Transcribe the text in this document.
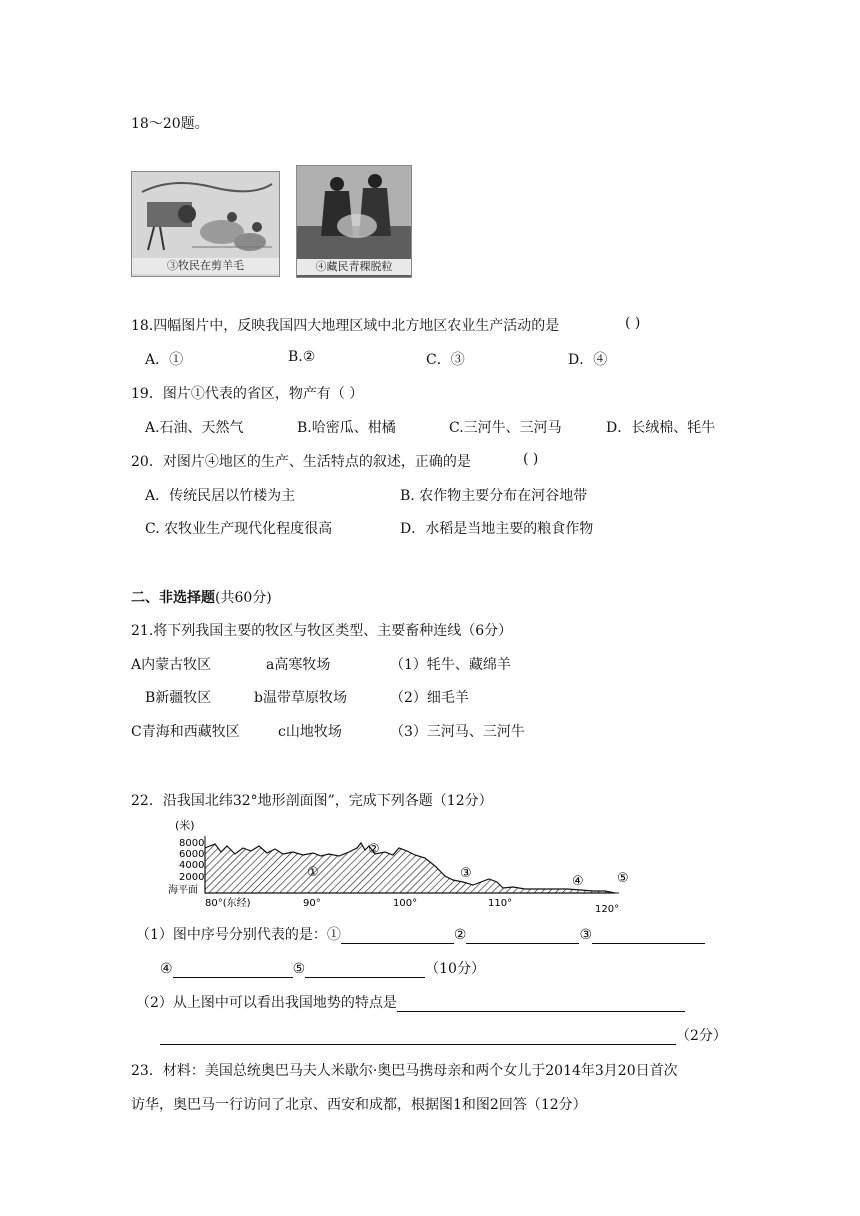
18～20题。
③牧民在剪羊毛	④藏民青稞脱粒
18.四幅图片中，反映我国四大地理区域中北方地区农业生产活动的是	( )
A．①	B.②	C．③	D．④
19．图片①代表的省区，物产有（ ）
A.石油、天然气	B.哈密瓜、柑橘	C.三河牛、三河马	D．长绒棉、牦牛
20．对图片④地区的生产、生活特点的叙述，正确的是	( )
A．传统民居以竹楼为主	B. 农作物主要分布在河谷地带
C. 农牧业生产现代化程度很高	D．水稻是当地主要的粮食作物
二、非选择题(共60分)
21.将下列我国主要的牧区与牧区类型、主要畜种连线（6分）
A内蒙古牧区	a高寒牧场	（1）牦牛、藏绵羊
B新疆牧区	b温带草原牧场	（2）细毛羊
C青海和西藏牧区	c山地牧场	（3）三河马、三河牛
22．沿我国北纬32°地形剖面图”，完成下列各题（12分）
(米)
8000
6000
4000
2000
海平面
①
②
③
④	⑤
80°(东经)	90°	100°	110°
120°
（1）图中序号分别代表的是：①	②	③
④	⑤	（10分）
（2）从上图中可以看出我国地势的特点是
（2分）
23．材料：美国总统奥巴马夫人米歇尔·奥巴马携母亲和两个女儿于2014年3月20日首次
访华，奥巴马一行访问了北京、西安和成都，根据图1和图2回答（12分）
